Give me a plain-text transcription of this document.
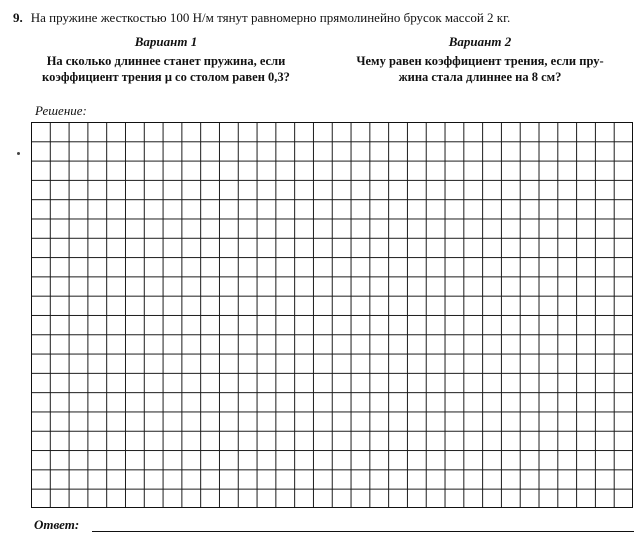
9. На пружине жесткостью 100 Н/м тянут равномерно прямолинейно брусок массой 2 кг.
Вариант 1
На сколько длиннее станет пружина, если
коэффициент трения μ со столом равен 0,3?
Вариант 2
Чему равен коэффициент трения, если пру-
жина стала длиннее на 8 см?
Решение:
Ответ:
